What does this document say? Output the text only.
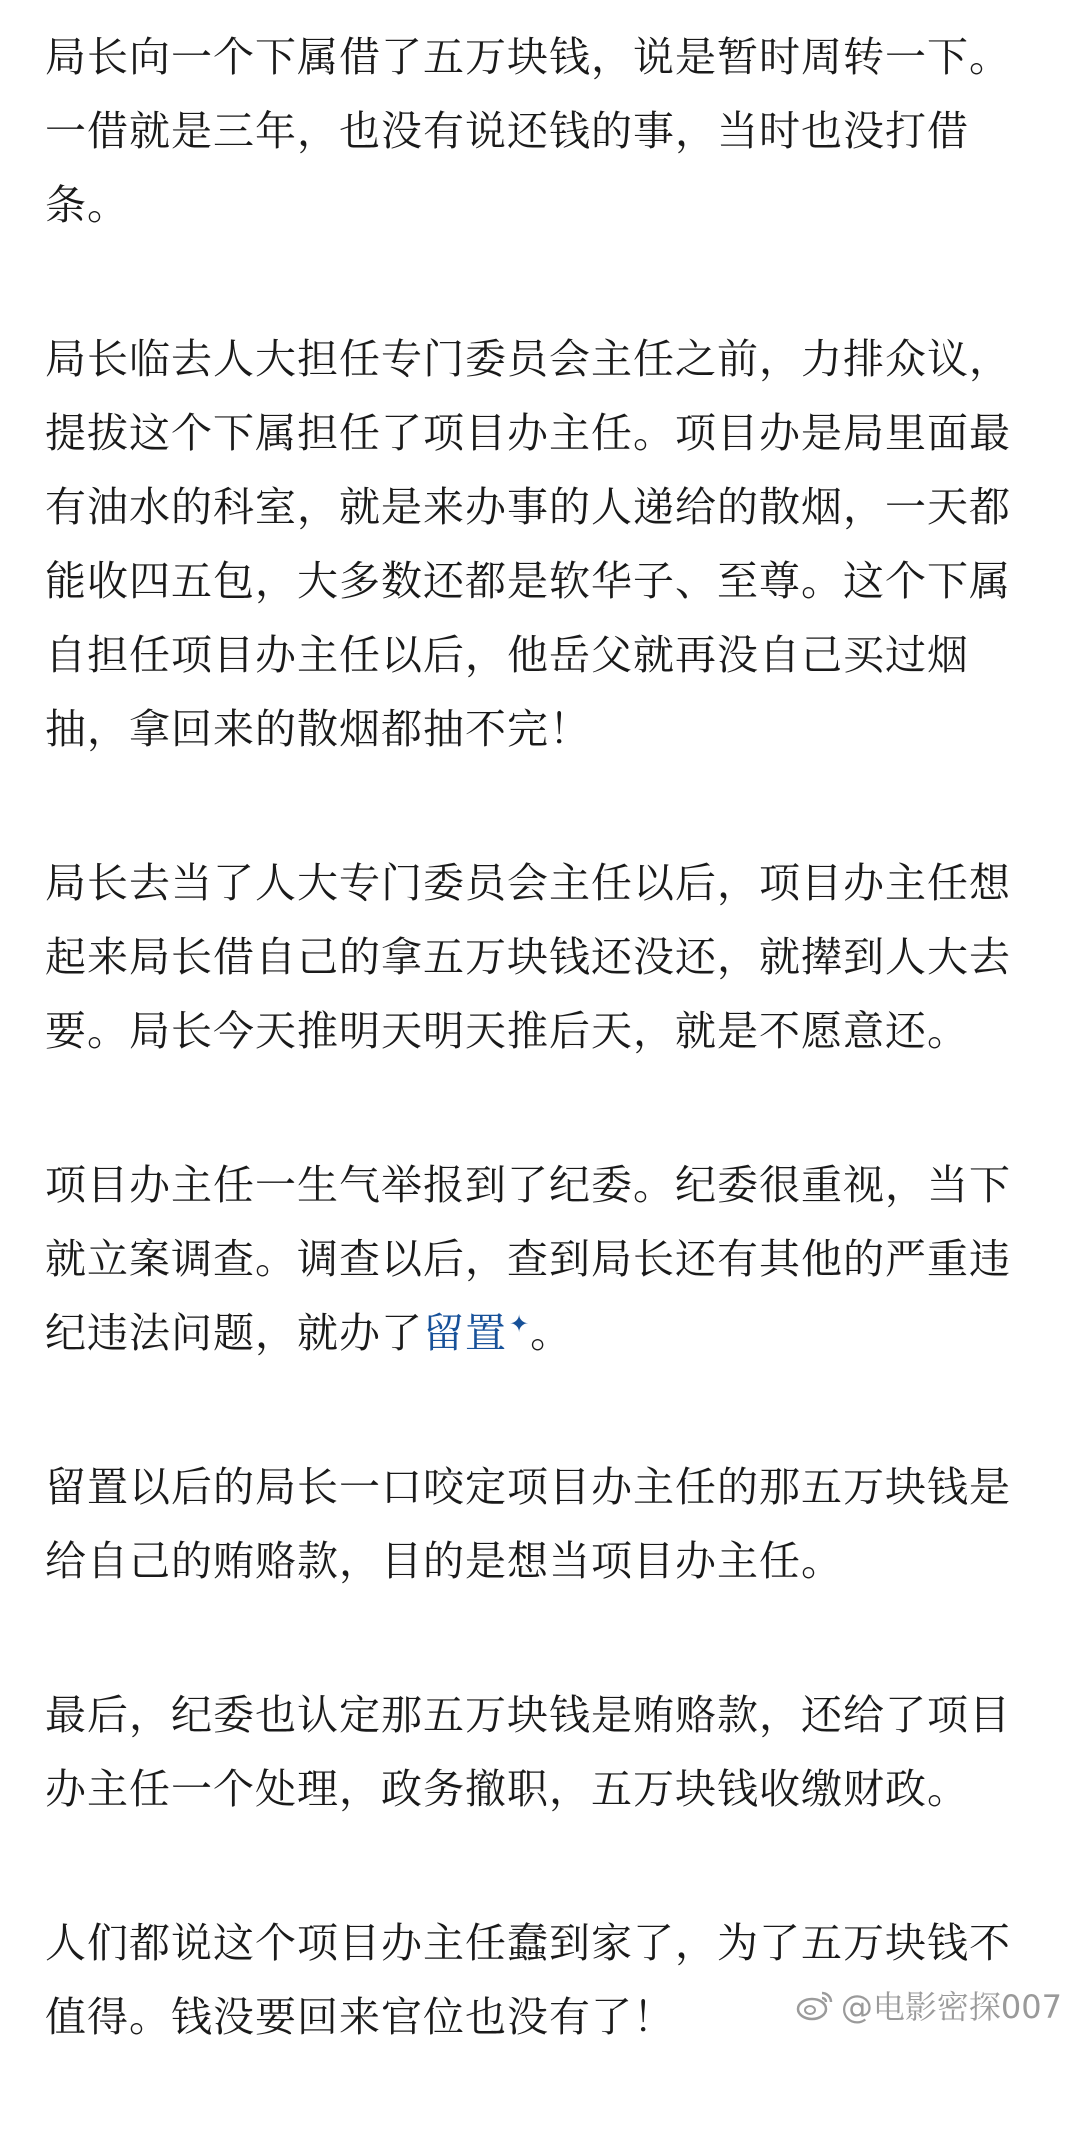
局长向一个下属借了五万块钱，说是暂时周转一下。一借就是三年，也没有说还钱的事，当时也没打借条。

局长临去人大担任专门委员会主任之前，力排众议，提拔这个下属担任了项目办主任。项目办是局里面最有油水的科室，就是来办事的人递给的散烟，一天都能收四五包，大多数还都是软华子、至尊。这个下属自担任项目办主任以后，他岳父就再没自己买过烟抽，拿回来的散烟都抽不完！

局长去当了人大专门委员会主任以后，项目办主任想起来局长借自己的拿五万块钱还没还，就撵到人大去要。局长今天推明天明天推后天，就是不愿意还。

项目办主任一生气举报到了纪委。纪委很重视，当下就立案调查。调查以后，查到局长还有其他的严重违纪违法问题，就办了留置✦。

留置以后的局长一口咬定项目办主任的那五万块钱是给自己的贿赂款，目的是想当项目办主任。

最后，纪委也认定那五万块钱是贿赂款，还给了项目办主任一个处理，政务撤职，五万块钱收缴财政。

人们都说这个项目办主任蠢到家了，为了五万块钱不值得。钱没要回来官位也没有了！	@电影密探007
